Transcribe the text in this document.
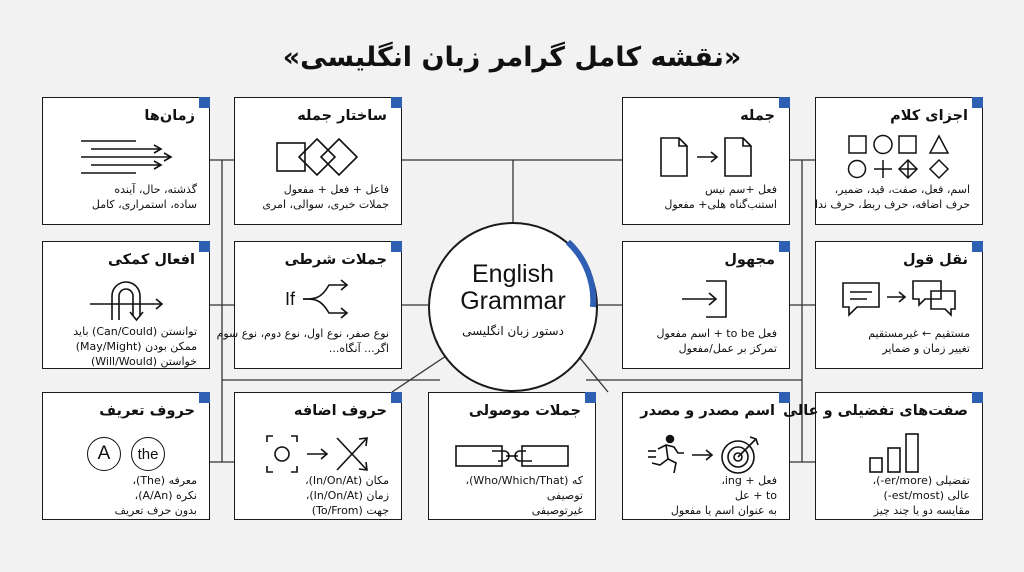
«نقشه کامل گرامر زبان انگلیسی»
English
Grammar
دستور زبان انگلیسی
زمان‌ها
گذشته، حال، آینده
ساده، استمراری، کامل
ساختار جمله
فاعل + فعل + مفعول
جملات خبری، سوالی، امری
جمله
فعل +سم نیس
استنب‌گناه هلی+ مفعول
اجزای کلام
اسم، فعل، صفت، قید، ضمیر،
حرف اضافه، حرف ربط، حرف ندا
افعال کمکی
توانستن (Can/Could) باید
ممکن بودن (May/Might)
خواستن (Will/Would)
جملات شرطی
If
نوع صفر، نوع اول، نوع دوم، نوع سوم
اگر... آنگاه...
مجهول
فعل to be + اسم مفعول
تمرکز بر عمل/مفعول
نقل قول
مستقیم ← غیرمستقیم
تغییر زمان و ضمایر
حروف تعریف
A the
معرفه (The)،
نکره (A/An)،
بدون حرف تعریف
حروف اضافه
مکان (In/On/At)،
زمان (In/On/At)،
جهت (To/From)
جملات موصولی
که (Who/Which/That)،
توصیفی
غیرتوصیفی
اسم مصدر و مصدر
فعل + ing،
to + عل
به عنوان اسم یا مفعول
صفت‌های تفضیلی و عالی
تفضیلی (er/more-)،
عالی (est/most-)
مقایسه دو یا چند چیز
